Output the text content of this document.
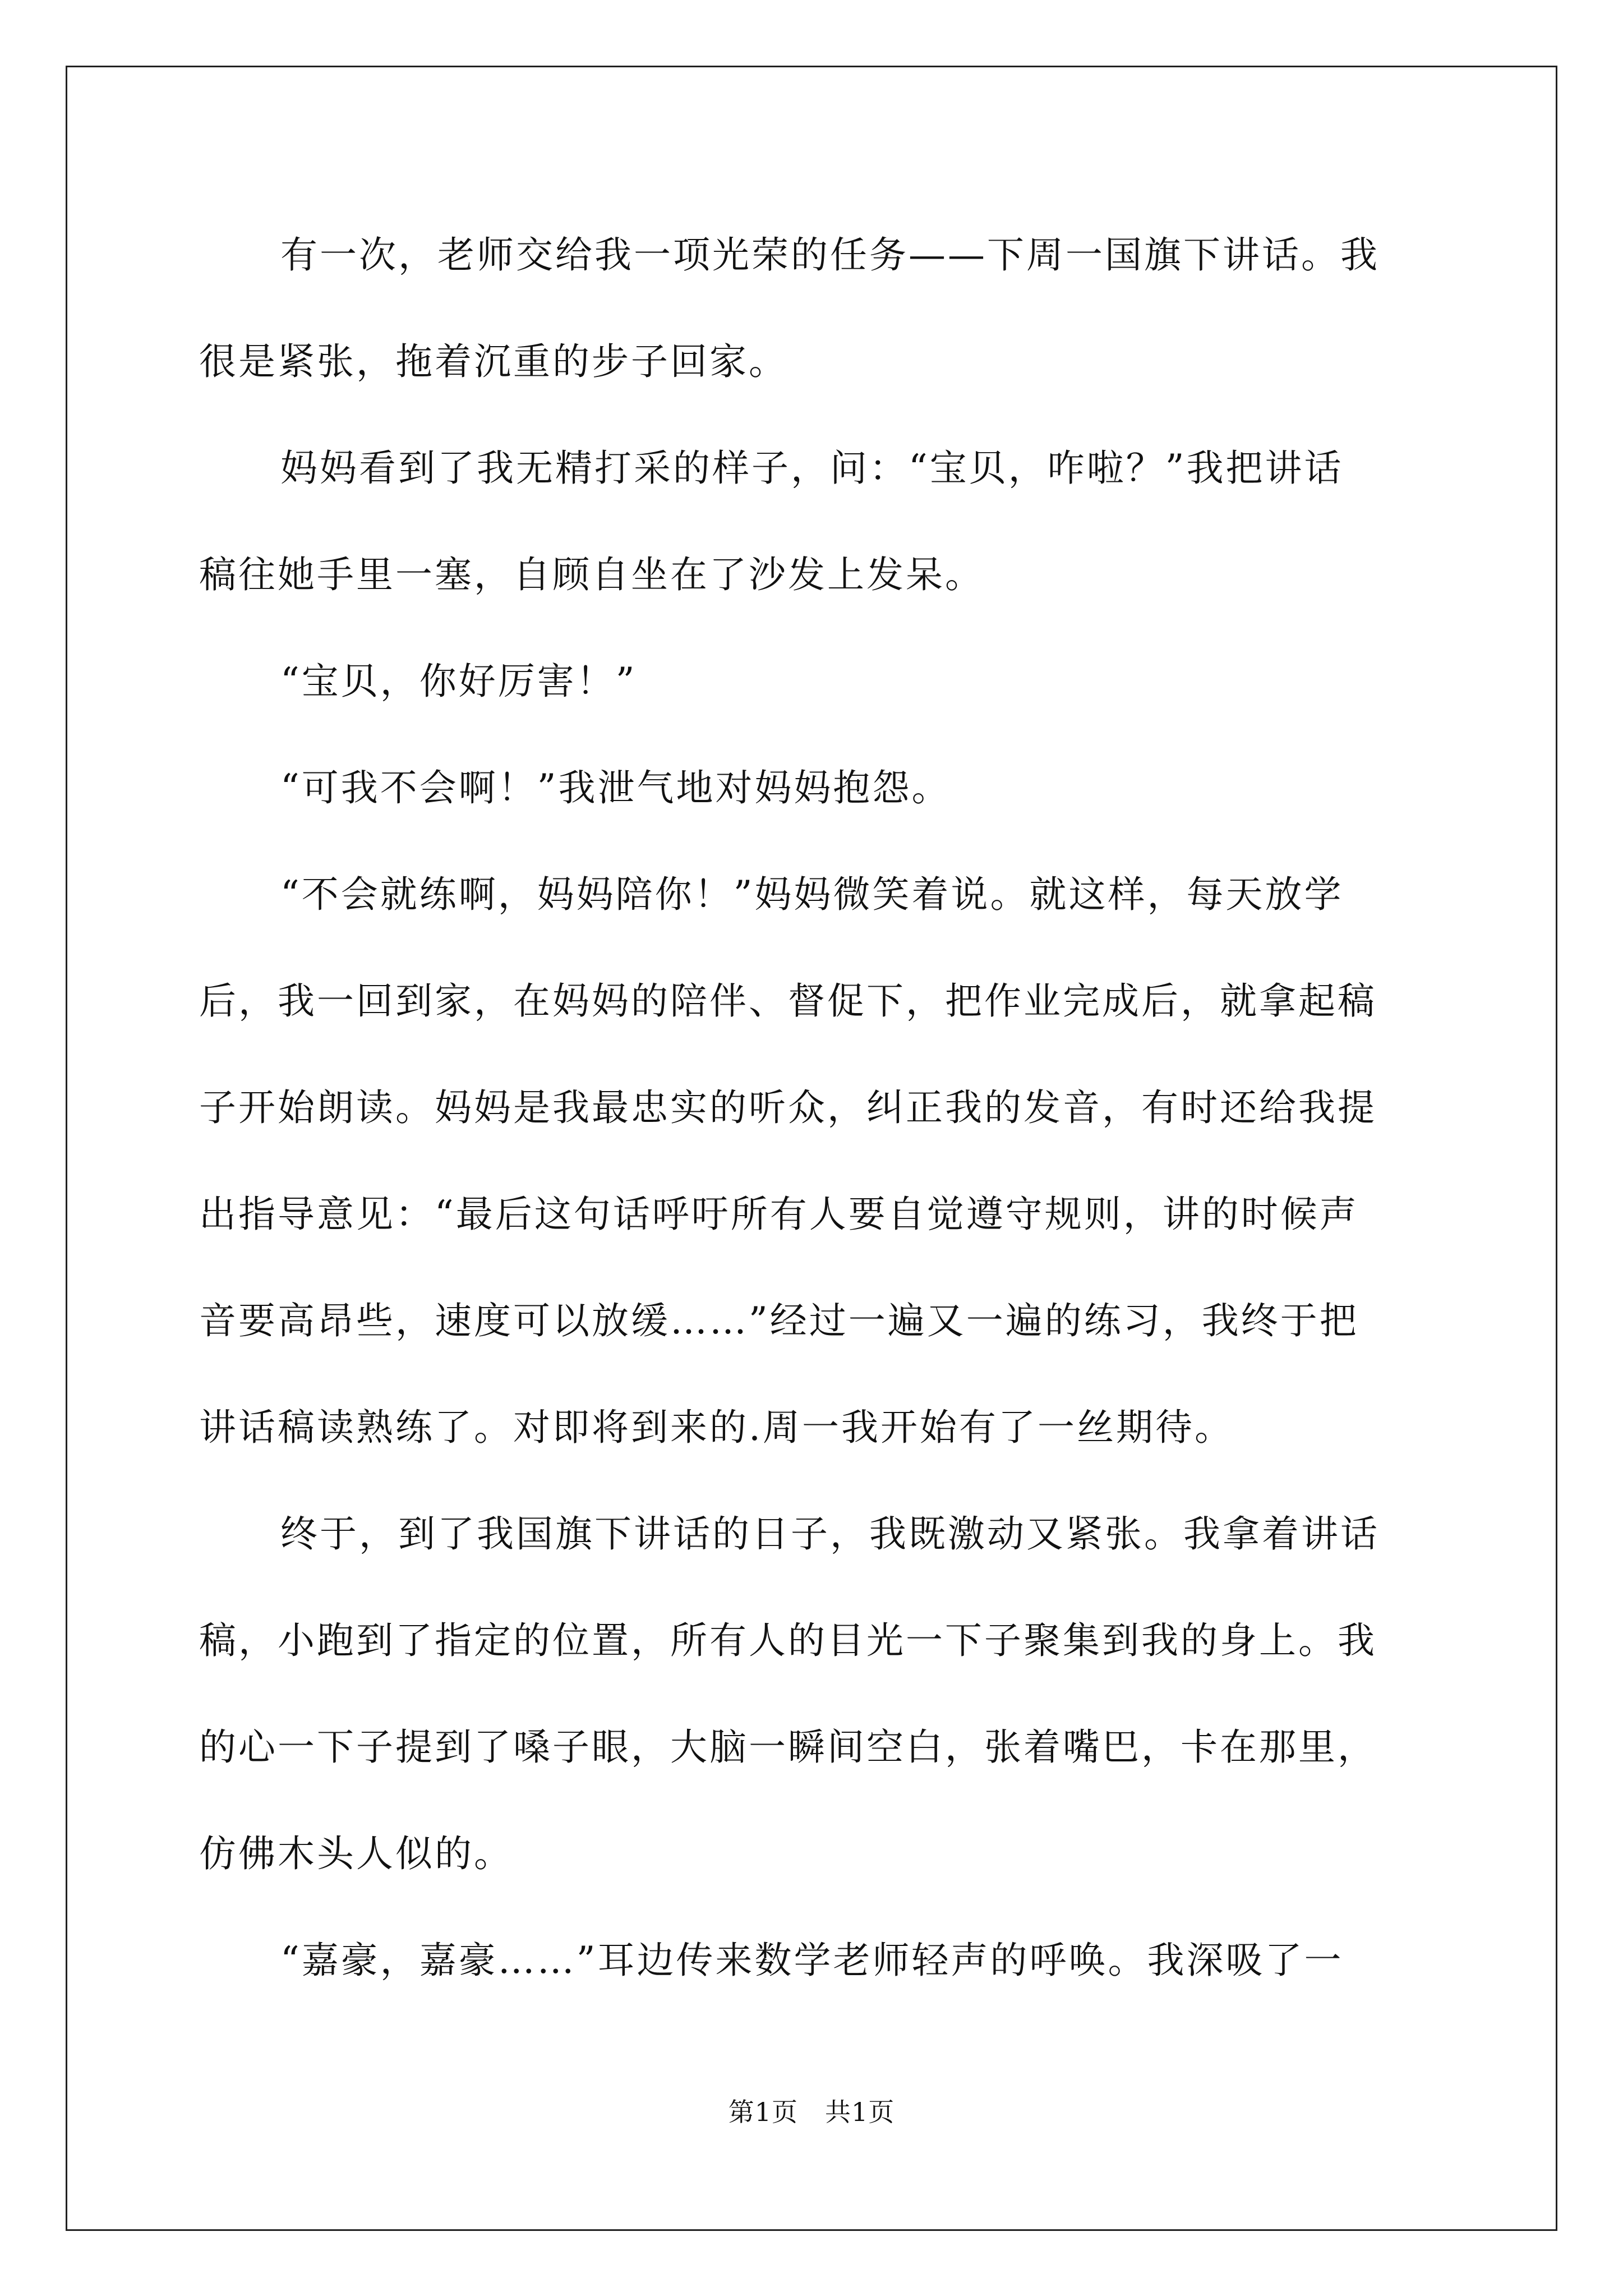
有一次，老师交给我一项光荣的任务——下周一国旗下讲话。我
很是紧张，拖着沉重的步子回家。
妈妈看到了我无精打采的样子，问：“宝贝，咋啦？”我把讲话
稿往她手里一塞，自顾自坐在了沙发上发呆。
“宝贝，你好厉害！”
“可我不会啊！”我泄气地对妈妈抱怨。
“不会就练啊，妈妈陪你！”妈妈微笑着说。就这样，每天放学
后，我一回到家，在妈妈的陪伴、督促下，把作业完成后，就拿起稿
子开始朗读。妈妈是我最忠实的听众，纠正我的发音，有时还给我提
出指导意见：“最后这句话呼吁所有人要自觉遵守规则，讲的时候声
音要高昂些，速度可以放缓……”经过一遍又一遍的练习，我终于把
讲话稿读熟练了。对即将到来的.周一我开始有了一丝期待。
终于，到了我国旗下讲话的日子，我既激动又紧张。我拿着讲话
稿，小跑到了指定的位置，所有人的目光一下子聚集到我的身上。我
的心一下子提到了嗓子眼，大脑一瞬间空白，张着嘴巴，卡在那里，
仿佛木头人似的。
“嘉豪，嘉豪……”耳边传来数学老师轻声的呼唤。我深吸了一
第1页 共1页
